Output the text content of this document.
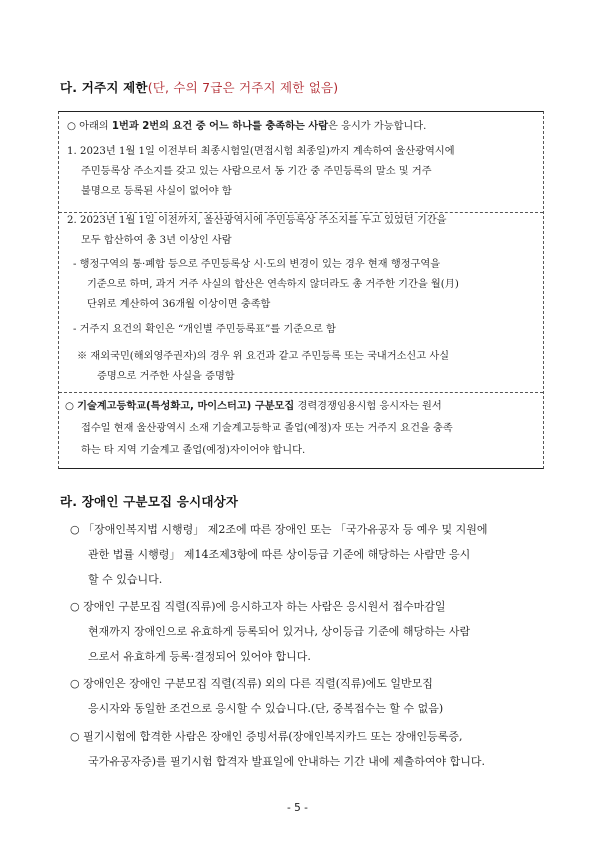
다. 거주지 제한(단, 수의 7급은 거주지 제한 없음)
○ 아래의 1번과 2번의 요건 중 어느 하나를 충족하는 사람은 응시가 가능합니다.
1. 2023년 1월 1일 이전부터 최종시험일(면접시험 최종일)까지 계속하여 울산광역시에
주민등록상 주소지를 갖고 있는 사람으로서 동 기간 중 주민등록의 말소 및 거주
불명으로 등록된 사실이 없어야 함
2. 2023년 1월 1일 이전까지, 울산광역시에 주민등록상 주소지를 두고 있었던 기간을
모두 합산하여 총 3년 이상인 사람
- 행정구역의 통·폐합 등으로 주민등록상 시·도의 변경이 있는 경우 현재 행정구역을
기준으로 하며, 과거 거주 사실의 합산은 연속하지 않더라도 총 거주한 기간을 월(月)
단위로 계산하여 36개월 이상이면 충족함
- 거주지 요건의 확인은 “개인별 주민등록표”를 기준으로 함
※ 재외국민(해외영주권자)의 경우 위 요건과 같고 주민등록 또는 국내거소신고 사실
증명으로 거주한 사실을 증명함
○ 기술계고등학교(특성화고, 마이스터고) 구분모집 경력경쟁임용시험 응시자는 원서
접수일 현재 울산광역시 소재 기술계고등학교 졸업(예정)자 또는 거주지 요건을 충족
하는 타 지역 기술계고 졸업(예정)자이어야 합니다.
라. 장애인 구분모집 응시대상자
○ 「장애인복지법 시행령」 제2조에 따른 장애인 또는 「국가유공자 등 예우 및 지원에
관한 법률 시행령」 제14조제3항에 따른 상이등급 기준에 해당하는 사람만 응시
할 수 있습니다.
○ 장애인 구분모집 직렬(직류)에 응시하고자 하는 사람은 응시원서 접수마감일
현재까지 장애인으로 유효하게 등록되어 있거나, 상이등급 기준에 해당하는 사람
으로서 유효하게 등록·결정되어 있어야 합니다.
○ 장애인은 장애인 구분모집 직렬(직류) 외의 다른 직렬(직류)에도 일반모집
응시자와 동일한 조건으로 응시할 수 있습니다.(단, 중복접수는 할 수 없음)
○ 필기시험에 합격한 사람은 장애인 증빙서류(장애인복지카드 또는 장애인등록증,
국가유공자증)를 필기시험 합격자 발표일에 안내하는 기간 내에 제출하여야 합니다.
- 5 -
